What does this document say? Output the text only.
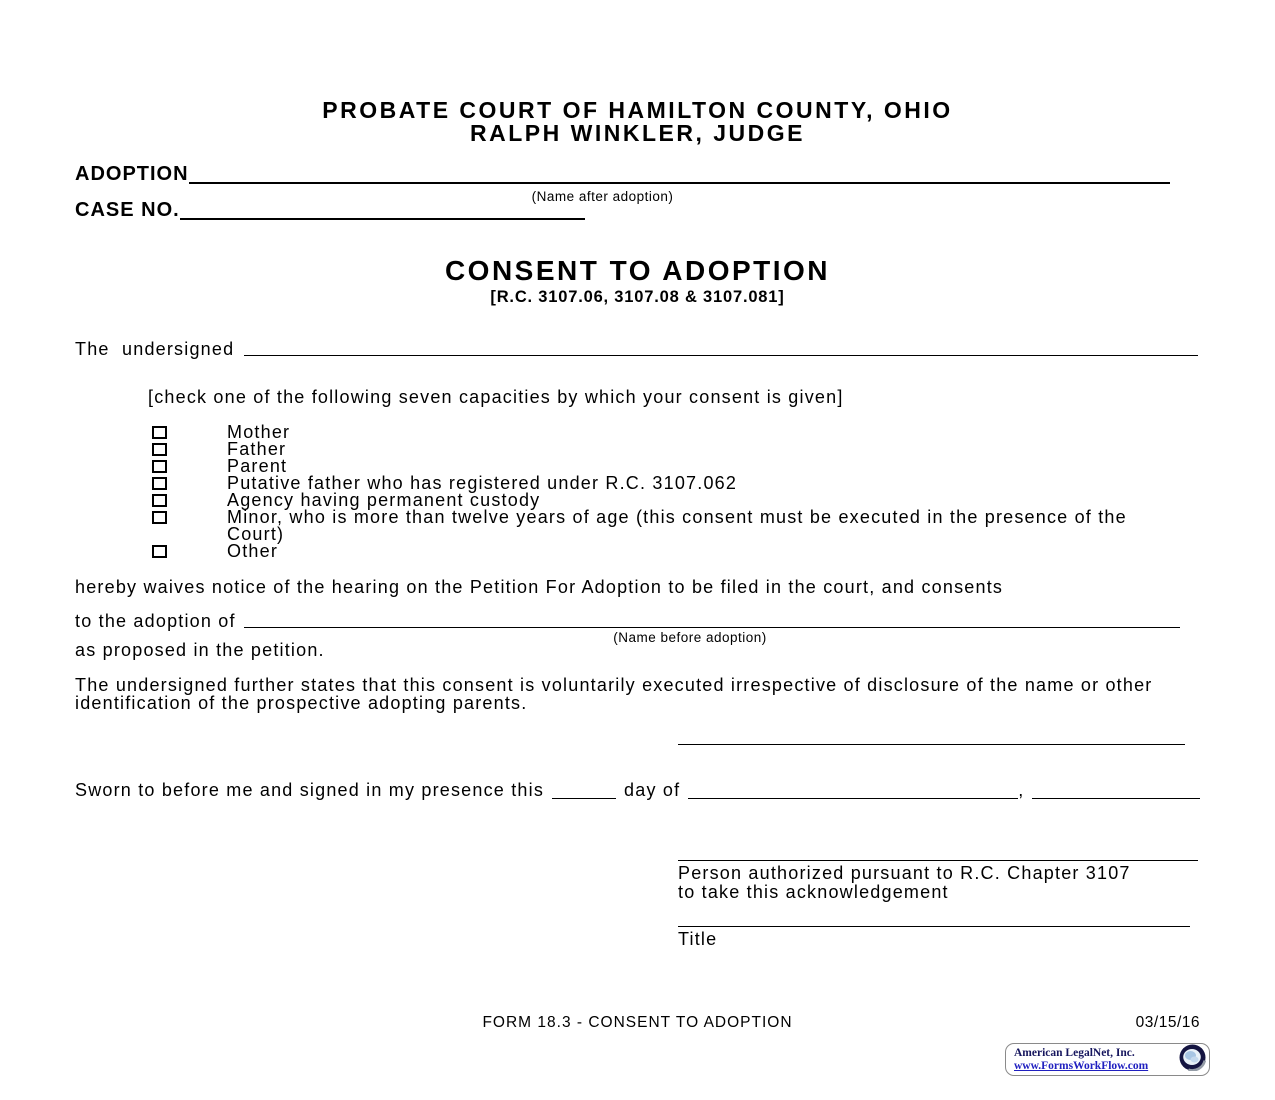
PROBATE COURT OF HAMILTON COUNTY, OHIO
RALPH WINKLER, JUDGE
ADOPTION
(Name after adoption)
CASE NO.
CONSENT TO ADOPTION
[R.C. 3107.06, 3107.08 & 3107.081]
The  undersigned
[check one of the following seven capacities by which your consent is given]
Mother
Father
Parent
Putative father who has registered under R.C. 3107.062
Agency having permanent custody
Minor, who is more than twelve years of age (this consent must be executed in the presence of the Court)
Other
hereby waives notice of the hearing on the Petition For Adoption to be filed in the court, and consents
to the adoption of
(Name before adoption)
as proposed in the petition.
The undersigned further states that this consent is voluntarily executed irrespective of disclosure of the name or other identification of the prospective adopting parents.
Sworn to before me and signed in my presence this	day of	,
Person authorized pursuant to R.C. Chapter 3107
to take this acknowledgement
Title
FORM 18.3 - CONSENT TO ADOPTION	03/15/16
American LegalNet, Inc.
www.FormsWorkFlow.com
